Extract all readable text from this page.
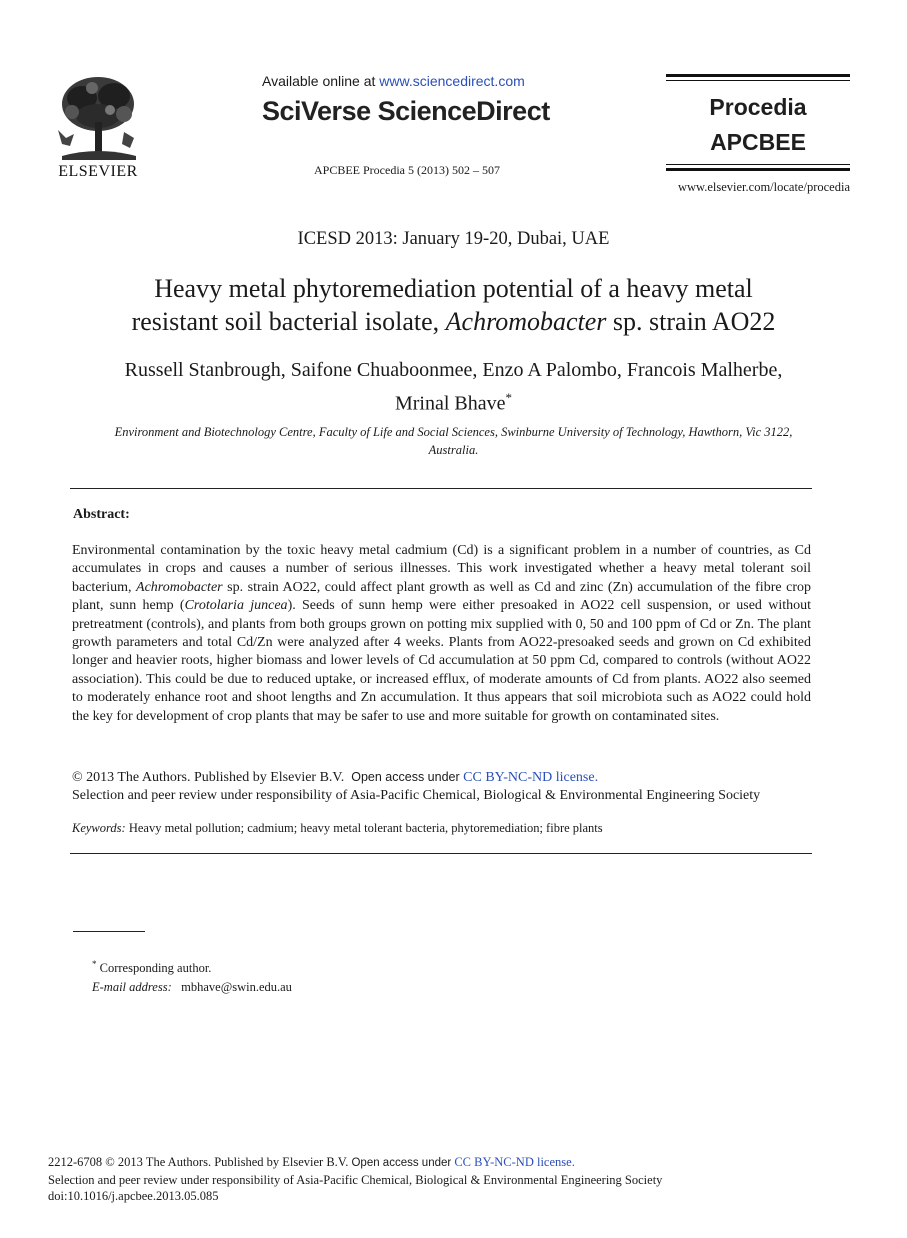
ELSEVIER
Available online at www.sciencedirect.com
SciVerse ScienceDirect
APCBEE Procedia 5 (2013) 502 – 507
Procedia
APCBEE
www.elsevier.com/locate/procedia
ICESD 2013: January 19-20, Dubai, UAE
Heavy metal phytoremediation potential of a heavy metal
resistant soil bacterial isolate, Achromobacter sp. strain AO22
Russell Stanbrough, Saifone Chuaboonmee, Enzo A Palombo, Francois Malherbe,
Mrinal Bhave*
Environment and Biotechnology Centre, Faculty of Life and Social Sciences, Swinburne University of Technology, Hawthorn, Vic 3122,
Australia.
Abstract:
Environmental contamination by the toxic heavy metal cadmium (Cd) is a significant problem in a number of countries, as Cd accumulates in crops and causes a number of serious illnesses. This work investigated whether a heavy metal tolerant soil bacterium, Achromobacter sp. strain AO22, could affect plant growth as well as Cd and zinc (Zn) accumulation of the fibre crop plant, sunn hemp (Crotolaria juncea). Seeds of sunn hemp were either presoaked in AO22 cell suspension, or used without pretreatment (controls), and plants from both groups grown on potting mix supplied with 0, 50 and 100 ppm of Cd or Zn. The plant growth parameters and total Cd/Zn were analyzed after 4 weeks. Plants from AO22-presoaked seeds and grown on Cd exhibited longer and heavier roots, higher biomass and lower levels of Cd accumulation at 50 ppm Cd, compared to controls (without AO22 association). This could be due to reduced uptake, or increased efflux, of moderate amounts of Cd from plants. AO22 also seemed to moderately enhance root and shoot lengths and Zn accumulation. It thus appears that soil microbiota such as AO22 could hold the key for development of crop plants that may be safer to use and more suitable for growth on contaminated sites.
© 2013 The Authors. Published by Elsevier B.V. Open access under CC BY-NC-ND license.
Selection and peer review under responsibility of Asia-Pacific Chemical, Biological & Environmental Engineering Society
Keywords: Heavy metal pollution; cadmium; heavy metal tolerant bacteria, phytoremediation; fibre plants
* Corresponding author.
E-mail address: mbhave@swin.edu.au
2212-6708 © 2013 The Authors. Published by Elsevier B.V. Open access under CC BY-NC-ND license.
Selection and peer review under responsibility of Asia-Pacific Chemical, Biological & Environmental Engineering Society
doi:10.1016/j.apcbee.2013.05.085
